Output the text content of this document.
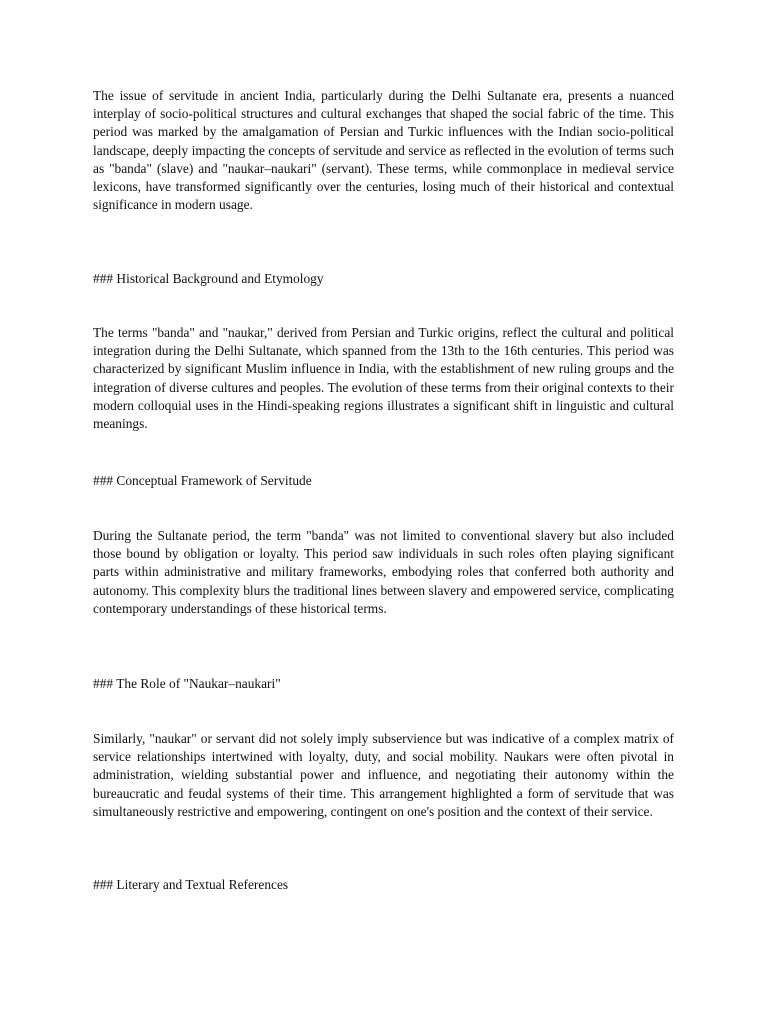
The issue of servitude in ancient India, particularly during the Delhi Sultanate era, presents a nuanced interplay of socio-political structures and cultural exchanges that shaped the social fabric of the time. This period was marked by the amalgamation of Persian and Turkic influences with the Indian socio-political landscape, deeply impacting the concepts of servitude and service as reflected in the evolution of terms such as "banda" (slave) and "naukar–naukari" (servant). These terms, while commonplace in medieval service lexicons, have transformed significantly over the centuries, losing much of their historical and contextual significance in modern usage.

### Historical Background and Etymology

The terms "banda" and "naukar," derived from Persian and Turkic origins, reflect the cultural and political integration during the Delhi Sultanate, which spanned from the 13th to the 16th centuries. This period was characterized by significant Muslim influence in India, with the establishment of new ruling groups and the integration of diverse cultures and peoples. The evolution of these terms from their original contexts to their modern colloquial uses in the Hindi-speaking regions illustrates a significant shift in linguistic and cultural meanings.

### Conceptual Framework of Servitude

During the Sultanate period, the term "banda" was not limited to conventional slavery but also included those bound by obligation or loyalty. This period saw individuals in such roles often playing significant parts within administrative and military frameworks, embodying roles that conferred both authority and autonomy. This complexity blurs the traditional lines between slavery and empowered service, complicating contemporary understandings of these historical terms.

### The Role of "Naukar–naukari"

Similarly, "naukar" or servant did not solely imply subservience but was indicative of a complex matrix of service relationships intertwined with loyalty, duty, and social mobility. Naukars were often pivotal in administration, wielding substantial power and influence, and negotiating their autonomy within the bureaucratic and feudal systems of their time. This arrangement highlighted a form of servitude that was simultaneously restrictive and empowering, contingent on one's position and the context of their service.

### Literary and Textual References
